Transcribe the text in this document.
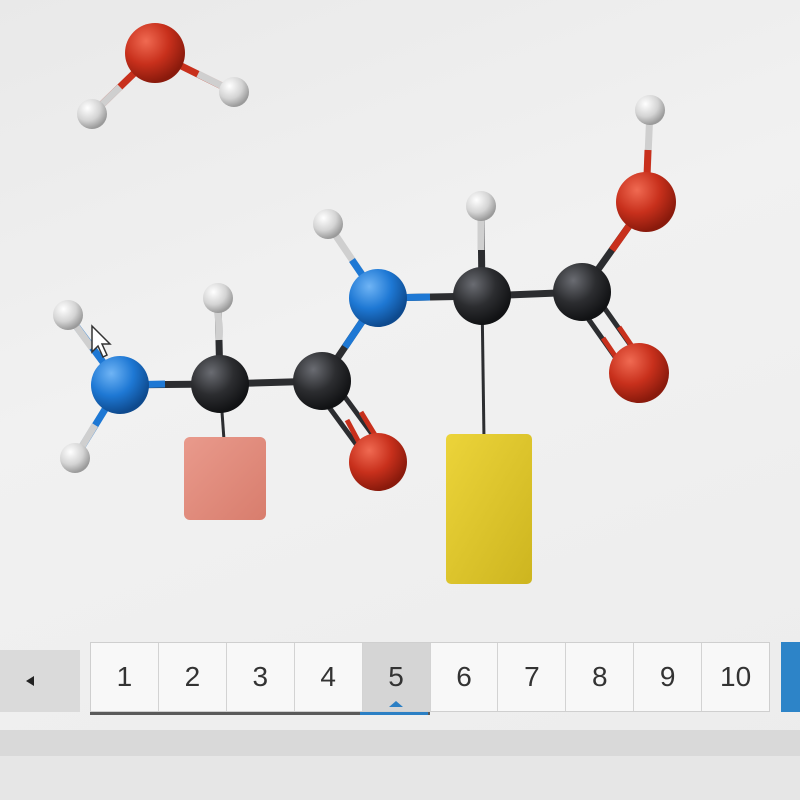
1	2	3	4	5	6	7	8	9	10
